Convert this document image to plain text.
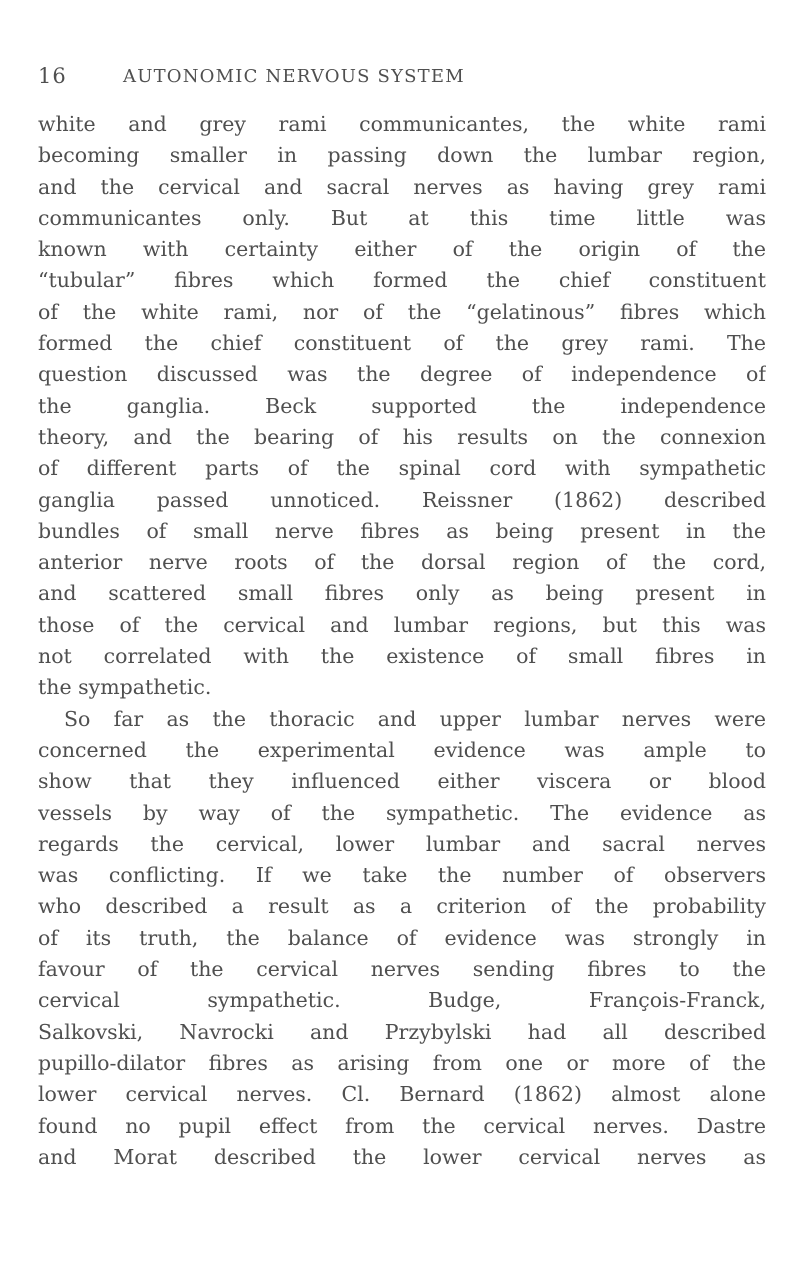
16	AUTONOMIC NERVOUS SYSTEM
white and grey rami communicantes, the white rami
becoming smaller in passing down the lumbar region,
and the cervical and sacral nerves as having grey rami
communicantes only. But at this time little was
known with certainty either of the origin of the
“tubular” fibres which formed the chief constituent
of the white rami, nor of the “gelatinous” fibres which
formed the chief constituent of the grey rami. The
question discussed was the degree of independence of
the ganglia. Beck supported the independence
theory, and the bearing of his results on the connexion
of different parts of the spinal cord with sympathetic
ganglia passed unnoticed. Reissner (1862) described
bundles of small nerve fibres as being present in the
anterior nerve roots of the dorsal region of the cord,
and scattered small fibres only as being present in
those of the cervical and lumbar regions, but this was
not correlated with the existence of small fibres in
the sympathetic.
So far as the thoracic and upper lumbar nerves were
concerned the experimental evidence was ample to
show that they influenced either viscera or blood
vessels by way of the sympathetic. The evidence as
regards the cervical, lower lumbar and sacral nerves
was conflicting. If we take the number of observers
who described a result as a criterion of the probability
of its truth, the balance of evidence was strongly in
favour of the cervical nerves sending fibres to the
cervical sympathetic. Budge, François-Franck,
Salkovski, Navrocki and Przybylski had all described
pupillo-dilator fibres as arising from one or more of the
lower cervical nerves. Cl. Bernard (1862) almost alone
found no pupil effect from the cervical nerves. Dastre
and Morat described the lower cervical nerves as
